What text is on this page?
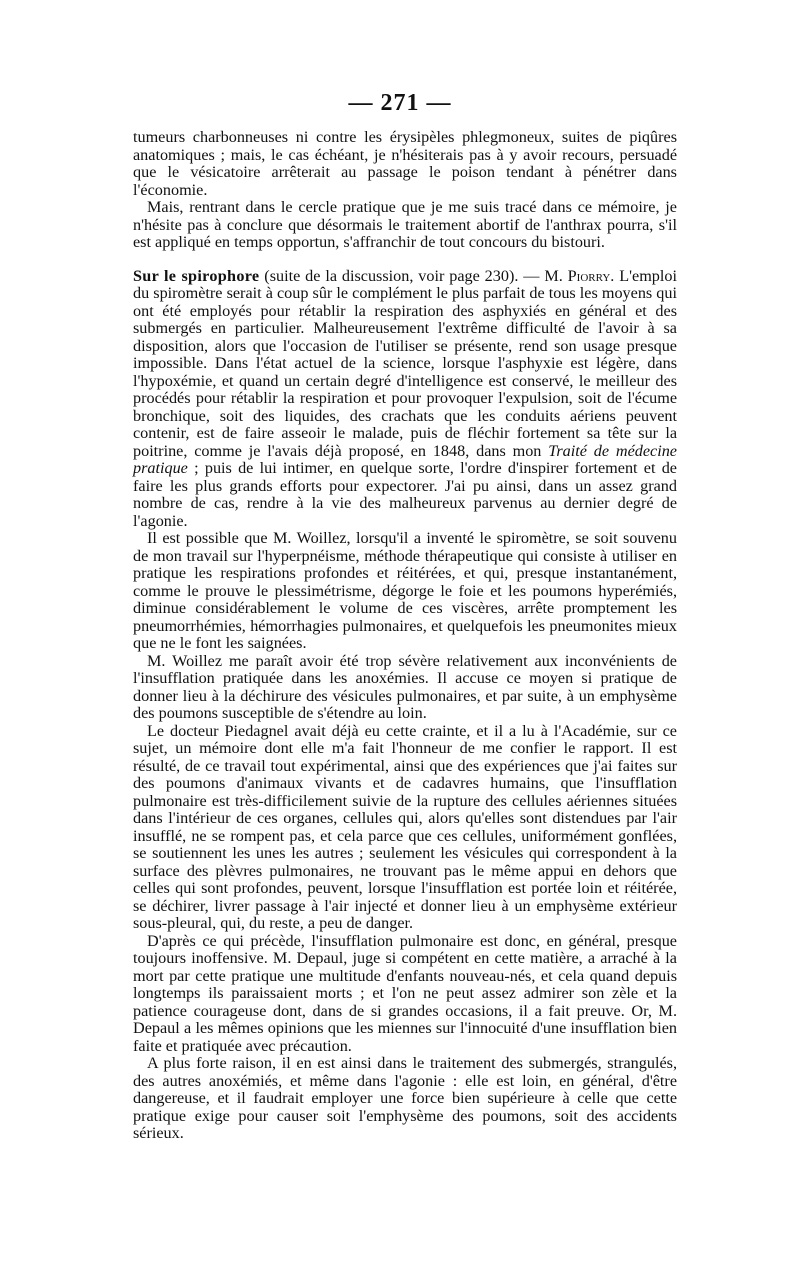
— 271 —

tumeurs charbonneuses ni contre les érysipèles phlegmoneux, suites de piqûres anatomiques ; mais, le cas échéant, je n'hésiterais pas à y avoir recours, persuadé que le vésicatoire arrêterait au passage le poison tendant à pénétrer dans l'économie.

Mais, rentrant dans le cercle pratique que je me suis tracé dans ce mémoire, je n'hésite pas à conclure que désormais le traitement abortif de l'anthrax pourra, s'il est appliqué en temps opportun, s'affranchir de tout concours du bistouri.

Sur le spirophore (suite de la discussion, voir page 230). — M. Piorry. L'emploi du spiromètre serait à coup sûr le complément le plus parfait de tous les moyens qui ont été employés pour rétablir la respiration des asphyxiés en général et des submergés en particulier. Malheureusement l'extrême difficulté de l'avoir à sa disposition, alors que l'occasion de l'utiliser se présente, rend son usage presque impossible. Dans l'état actuel de la science, lorsque l'asphyxie est légère, dans l'hypoxémie, et quand un certain degré d'intelligence est conservé, le meilleur des procédés pour rétablir la respiration et pour provoquer l'expulsion, soit de l'écume bronchique, soit des liquides, des crachats que les conduits aériens peuvent contenir, est de faire asseoir le malade, puis de fléchir fortement sa tête sur la poitrine, comme je l'avais déjà proposé, en 1848, dans mon Traité de médecine pratique ; puis de lui intimer, en quelque sorte, l'ordre d'inspirer fortement et de faire les plus grands efforts pour expectorer. J'ai pu ainsi, dans un assez grand nombre de cas, rendre à la vie des malheureux parvenus au dernier degré de l'agonie.

Il est possible que M. Woillez, lorsqu'il a inventé le spiromètre, se soit souvenu de mon travail sur l'hyperpnéisme, méthode thérapeutique qui consiste à utiliser en pratique les respirations profondes et réitérées, et qui, presque instantanément, comme le prouve le plessimétrisme, dégorge le foie et les poumons hyperémiés, diminue considérablement le volume de ces viscères, arrête promptement les pneumorrhémies, hémorrhagies pulmonaires, et quelquefois les pneumonites mieux que ne le font les saignées.

M. Woillez me paraît avoir été trop sévère relativement aux inconvénients de l'insufflation pratiquée dans les anoxémies. Il accuse ce moyen si pratique de donner lieu à la déchirure des vésicules pulmonaires, et par suite, à un emphysème des poumons susceptible de s'étendre au loin.

Le docteur Piedagnel avait déjà eu cette crainte, et il a lu à l'Académie, sur ce sujet, un mémoire dont elle m'a fait l'honneur de me confier le rapport. Il est résulté, de ce travail tout expérimental, ainsi que des expériences que j'ai faites sur des poumons d'animaux vivants et de cadavres humains, que l'insufflation pulmonaire est très-difficilement suivie de la rupture des cellules aériennes situées dans l'intérieur de ces organes, cellules qui, alors qu'elles sont distendues par l'air insufflé, ne se rompent pas, et cela parce que ces cellules, uniformément gonflées, se soutiennent les unes les autres ; seulement les vésicules qui correspondent à la surface des plèvres pulmonaires, ne trouvant pas le même appui en dehors que celles qui sont profondes, peuvent, lorsque l'insufflation est portée loin et réitérée, se déchirer, livrer passage à l'air injecté et donner lieu à un emphysème extérieur sous-pleural, qui, du reste, a peu de danger.

D'après ce qui précède, l'insufflation pulmonaire est donc, en général, presque toujours inoffensive. M. Depaul, juge si compétent en cette matière, a arraché à la mort par cette pratique une multitude d'enfants nouveau-nés, et cela quand depuis longtemps ils paraissaient morts ; et l'on ne peut assez admirer son zèle et la patience courageuse dont, dans de si grandes occasions, il a fait preuve. Or, M. Depaul a les mêmes opinions que les miennes sur l'innocuité d'une insufflation bien faite et pratiquée avec précaution.

A plus forte raison, il en est ainsi dans le traitement des submergés, strangulés, des autres anoxémiés, et même dans l'agonie : elle est loin, en général, d'être dangereuse, et il faudrait employer une force bien supérieure à celle que cette pratique exige pour causer soit l'emphysème des poumons, soit des accidents sérieux.
